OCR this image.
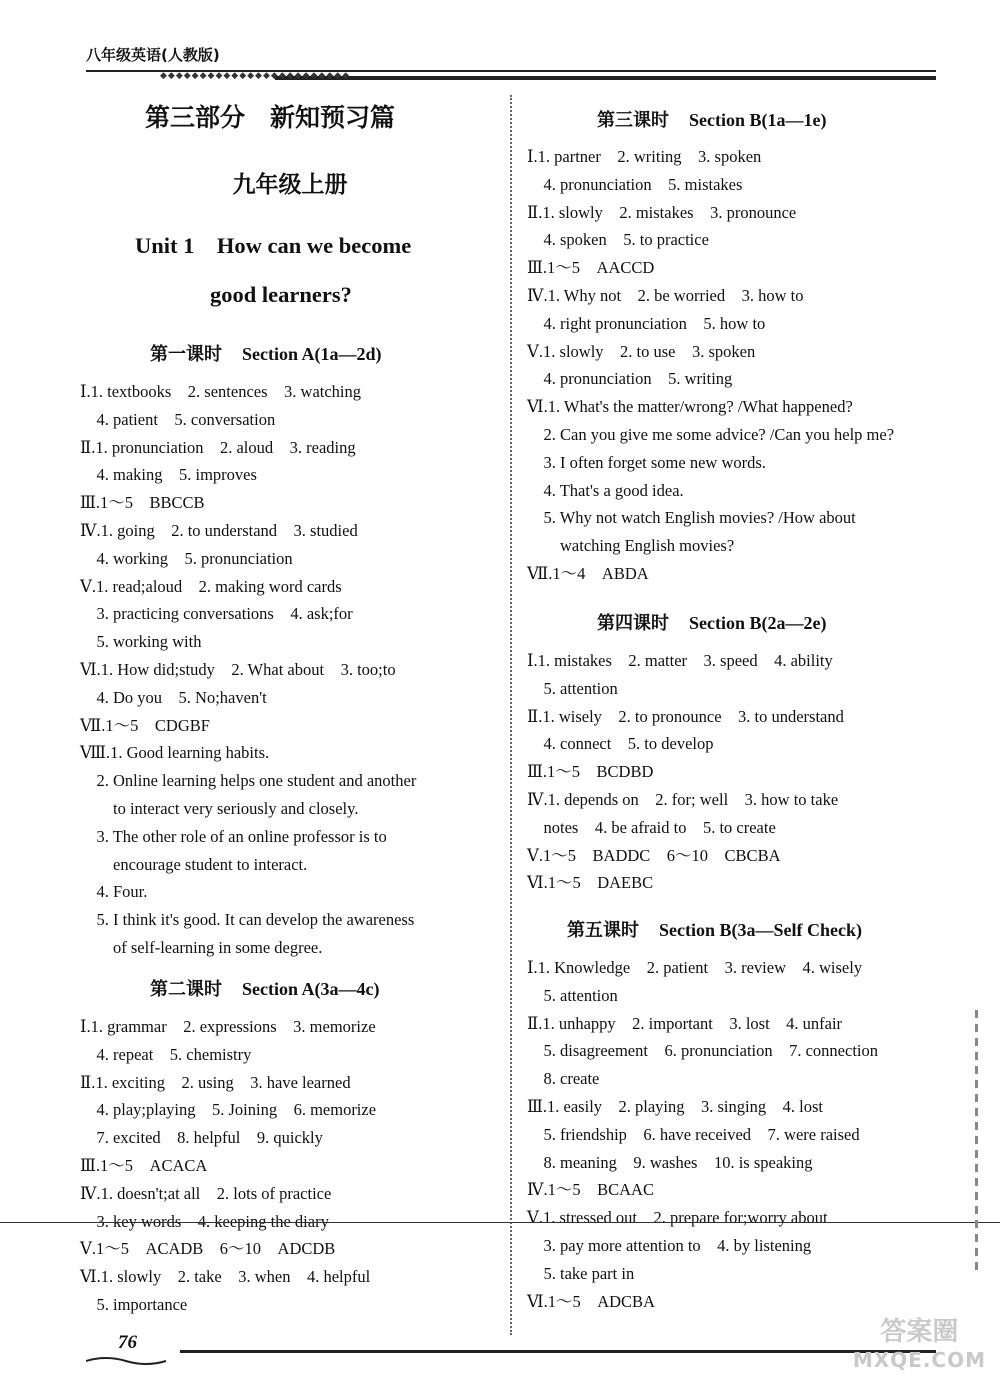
八年级英语(人教版)
◆◆◆◆◆◆◆◆◆◆◆◆◆◆◆◆◆◆◆◆◆◆◆◆
第三部分　新知预习篇
九年级上册
Unit 1　How can we become
good learners?
第一课时 Section A(1a—2d)
Ⅰ.1. textbooks　2. sentences　3. watching
　4. patient　5. conversation
Ⅱ.1. pronunciation　2. aloud　3. reading
　4. making　5. improves
Ⅲ.1～5　BBCCB
Ⅳ.1. going　2. to understand　3. studied
　4. working　5. pronunciation
Ⅴ.1. read;aloud　2. making word cards
　3. practicing conversations　4. ask;for
　5. working with
Ⅵ.1. How did;study　2. What about　3. too;to
　4. Do you　5. No;haven't
Ⅶ.1～5　CDGBF
Ⅷ.1. Good learning habits.
　2. Online learning helps one student and another
　　to interact very seriously and closely.
　3. The other role of an online professor is to
　　encourage student to interact.
　4. Four.
　5. I think it's good. It can develop the awareness
　　of self-learning in some degree.
第二课时 Section A(3a—4c)
Ⅰ.1. grammar　2. expressions　3. memorize
　4. repeat　5. chemistry
Ⅱ.1. exciting　2. using　3. have learned
　4. play;playing　5. Joining　6. memorize
　7. excited　8. helpful　9. quickly
Ⅲ.1～5　ACACA
Ⅳ.1. doesn't;at all　2. lots of practice
　3. key words　4. keeping the diary
Ⅴ.1～5　ACADB　6～10　ADCDB
Ⅵ.1. slowly　2. take　3. when　4. helpful
　5. importance
第三课时 Section B(1a—1e)
Ⅰ.1. partner　2. writing　3. spoken
　4. pronunciation　5. mistakes
Ⅱ.1. slowly　2. mistakes　3. pronounce
　4. spoken　5. to practice
Ⅲ.1～5　AACCD
Ⅳ.1. Why not　2. be worried　3. how to
　4. right pronunciation　5. how to
Ⅴ.1. slowly　2. to use　3. spoken
　4. pronunciation　5. writing
Ⅵ.1. What's the matter/wrong? /What happened?
　2. Can you give me some advice? /Can you help me?
　3. I often forget some new words.
　4. That's a good idea.
　5. Why not watch English movies? /How about
　　watching English movies?
Ⅶ.1～4　ABDA
第四课时 Section B(2a—2e)
Ⅰ.1. mistakes　2. matter　3. speed　4. ability
　5. attention
Ⅱ.1. wisely　2. to pronounce　3. to understand
　4. connect　5. to develop
Ⅲ.1～5　BCDBD
Ⅳ.1. depends on　2. for; well　3. how to take
　notes　4. be afraid to　5. to create
Ⅴ.1～5　BADDC　6～10　CBCBA
Ⅵ.1～5　DAEBC
第五课时 Section B(3a—Self Check)
Ⅰ.1. Knowledge　2. patient　3. review　4. wisely
　5. attention
Ⅱ.1. unhappy　2. important　3. lost　4. unfair
　5. disagreement　6. pronunciation　7. connection
　8. create
Ⅲ.1. easily　2. playing　3. singing　4. lost
　5. friendship　6. have received　7. were raised
　8. meaning　9. washes　10. is speaking
Ⅳ.1～5　BCAAC
Ⅴ.1. stressed out　2. prepare for;worry about
　3. pay more attention to　4. by listening
　5. take part in
Ⅵ.1～5　ADCBA
76	答案圈
MXQE.COM
